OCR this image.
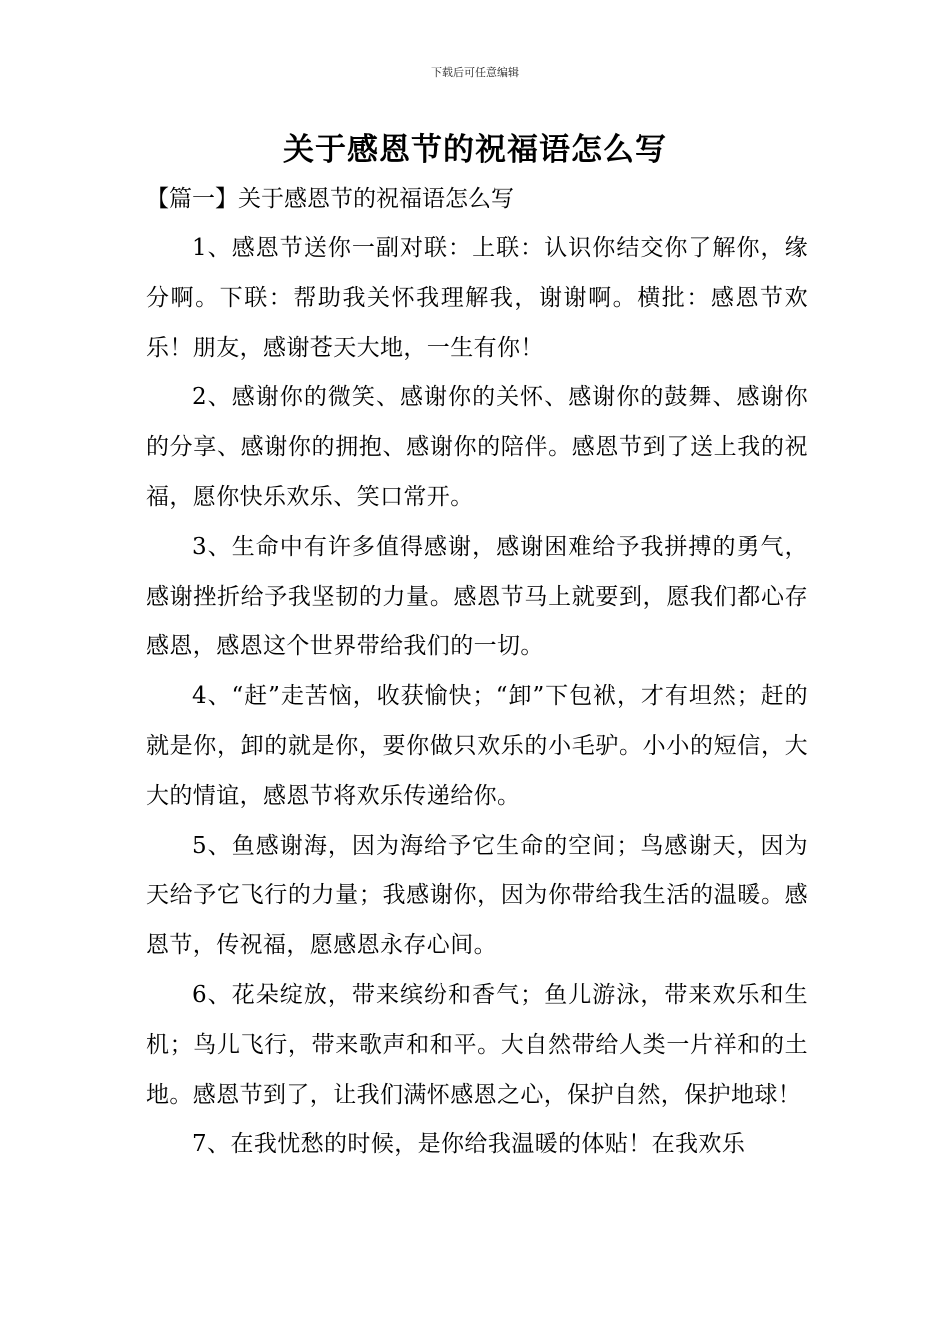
下载后可任意编辑
关于感恩节的祝福语怎么写
【篇一】关于感恩节的祝福语怎么写

1、感恩节送你一副对联：上联：认识你结交你了解你，缘分啊。下联：帮助我关怀我理解我，谢谢啊。横批：感恩节欢乐！朋友，感谢苍天大地，一生有你！

2、感谢你的微笑、感谢你的关怀、感谢你的鼓舞、感谢你的分享、感谢你的拥抱、感谢你的陪伴。感恩节到了送上我的祝福，愿你快乐欢乐、笑口常开。

3、生命中有许多值得感谢，感谢困难给予我拼搏的勇气，感谢挫折给予我坚韧的力量。感恩节马上就要到，愿我们都心存感恩，感恩这个世界带给我们的一切。

4、“赶”走苦恼，收获愉快；“卸”下包袱，才有坦然；赶的就是你，卸的就是你，要你做只欢乐的小毛驴。小小的短信，大大的情谊，感恩节将欢乐传递给你。

5、鱼感谢海，因为海给予它生命的空间；鸟感谢天，因为天给予它飞行的力量；我感谢你，因为你带给我生活的温暖。感恩节，传祝福，愿感恩永存心间。

6、花朵绽放，带来缤纷和香气；鱼儿游泳，带来欢乐和生机；鸟儿飞行，带来歌声和和平。大自然带给人类一片祥和的土地。感恩节到了，让我们满怀感恩之心，保护自然，保护地球！

7、在我忧愁的时候，是你给我温暖的体贴！在我欢乐
